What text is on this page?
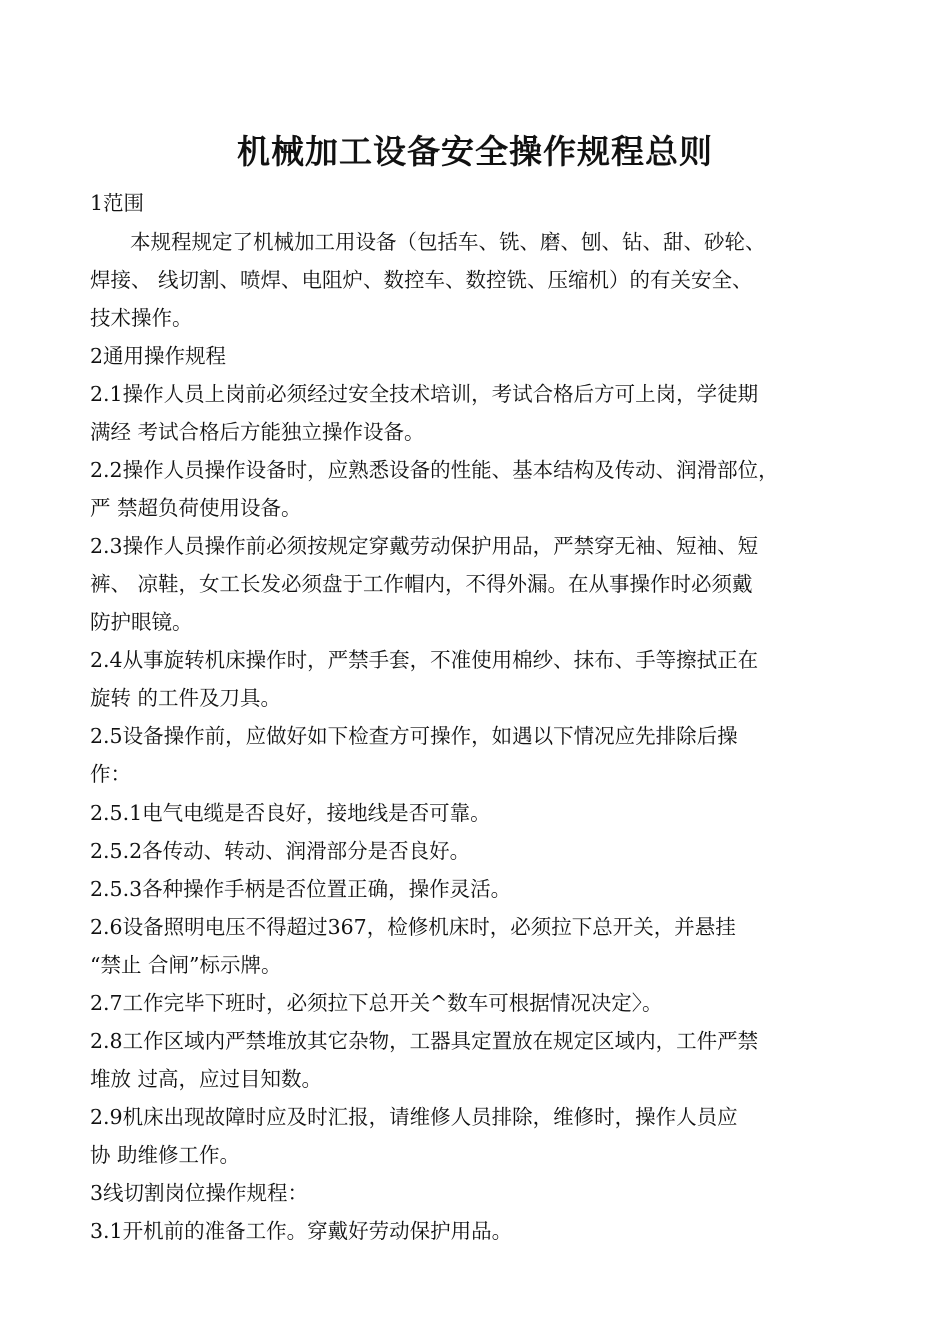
机械加工设备安全操作规程总则

1范围

本规程规定了机械加工用设备（包括车、铣、磨、刨、钻、甜、砂轮、

焊接、 线切割、喷焊、电阻炉、数控车、数控铣、压缩机）的有关安全、

技术操作。

2通用操作规程

2.1操作人员上岗前必须经过安全技术培训，考试合格后方可上岗，学徒期

满经 考试合格后方能独立操作设备。

2.2操作人员操作设备时，应熟悉设备的性能、基本结构及传动、润滑部位，

严 禁超负荷使用设备。

2.3操作人员操作前必须按规定穿戴劳动保护用品，严禁穿无袖、短袖、短

裤、 凉鞋，女工长发必须盘于工作帽内，不得外漏。在从事操作时必须戴

防护眼镜。

2.4从事旋转机床操作时，严禁手套，不准使用棉纱、抹布、手等擦拭正在

旋转 的工件及刀具。

2.5设备操作前，应做好如下检查方可操作，如遇以下情况应先排除后操

作：

2.5.1电气电缆是否良好，接地线是否可靠。

2.5.2各传动、转动、润滑部分是否良好。

2.5.3各种操作手柄是否位置正确，操作灵活。

2.6设备照明电压不得超过367，检修机床时，必须拉下总开关，并悬挂

“禁止 合闸”标示牌。

2.7工作完毕下班时，必须拉下总开关^数车可根据情况决定〉。

2.8工作区域内严禁堆放其它杂物，工器具定置放在规定区域内，工件严禁

堆放 过高，应过目知数。

2.9机床出现故障时应及时汇报，请维修人员排除，维修时，操作人员应

协 助维修工作。

3线切割岗位操作规程：

3.1开机前的准备工作。穿戴好劳动保护用品。
